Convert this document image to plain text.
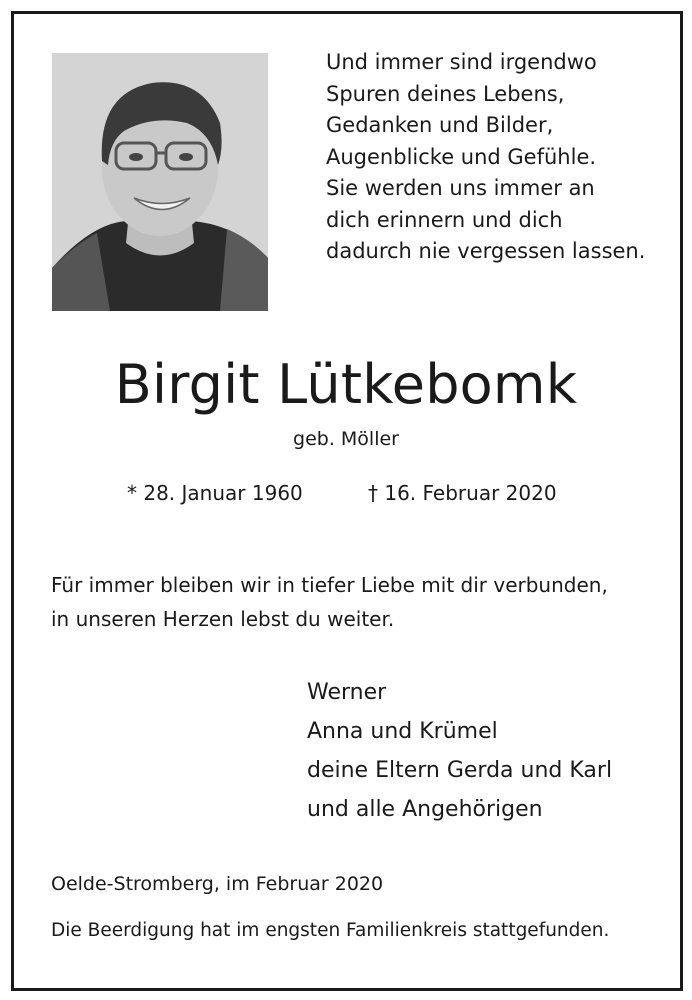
Und immer sind irgendwo
Spuren deines Lebens,
Gedanken und Bilder,
Augenblicke und Gefühle.
Sie werden uns immer an
dich erinnern und dich
dadurch nie vergessen lassen.
Birgit Lütkebomk
geb. Möller
* 28. Januar 1960	† 16. Februar 2020
Für immer bleiben wir in tiefer Liebe mit dir verbunden,
in unseren Herzen lebst du weiter.
Werner
Anna und Krümel
deine Eltern Gerda und Karl
und alle Angehörigen
Oelde-Stromberg, im Februar 2020
Die Beerdigung hat im engsten Familienkreis stattgefunden.
